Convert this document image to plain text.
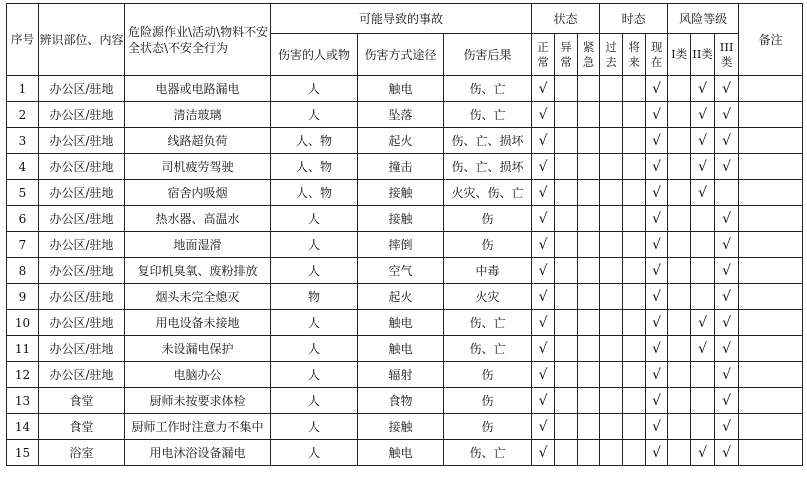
序号	辨识部位、内容	危险源作业\活动\物料不安全状态\不安全行为	可能导致的事故			状态			时态			风险等级			备注
			伤害的人或物	伤害方式途径	伤害后果	正常	异常	紧急	过去	将来	现在	I类	II类	III类	
1	办公区/驻地	电器或电路漏电	人	触电	伤、亡	√					√		√	√	
2	办公区/驻地	清洁玻璃	人	坠落	伤、亡	√					√		√	√	
3	办公区/驻地	线路超负荷	人、物	起火	伤、亡、损坏	√					√		√	√	
4	办公区/驻地	司机疲劳驾驶	人、物	撞击	伤、亡、损坏	√					√		√	√	
5	办公区/驻地	宿舍内吸烟	人、物	接触	火灾、伤、亡	√					√		√		
6	办公区/驻地	热水器、高温水	人	接触	伤	√					√			√	
7	办公区/驻地	地面湿滑	人	摔倒	伤	√					√			√	
8	办公区/驻地	复印机臭氧、废粉排放	人	空气	中毒	√					√			√	
9	办公区/驻地	烟头未完全熄灭	物	起火	火灾	√					√			√	
10	办公区/驻地	用电设备未接地	人	触电	伤、亡	√					√		√	√	
11	办公区/驻地	未设漏电保护	人	触电	伤、亡	√					√		√	√	
12	办公区/驻地	电脑办公	人	辐射	伤	√					√			√	
13	食堂	厨师未按要求体检	人	食物	伤	√					√			√	
14	食堂	厨师工作时注意力不集中	人	接触	伤	√					√			√	
15	浴室	用电沐浴设备漏电	人	触电	伤、亡	√					√		√	√	
